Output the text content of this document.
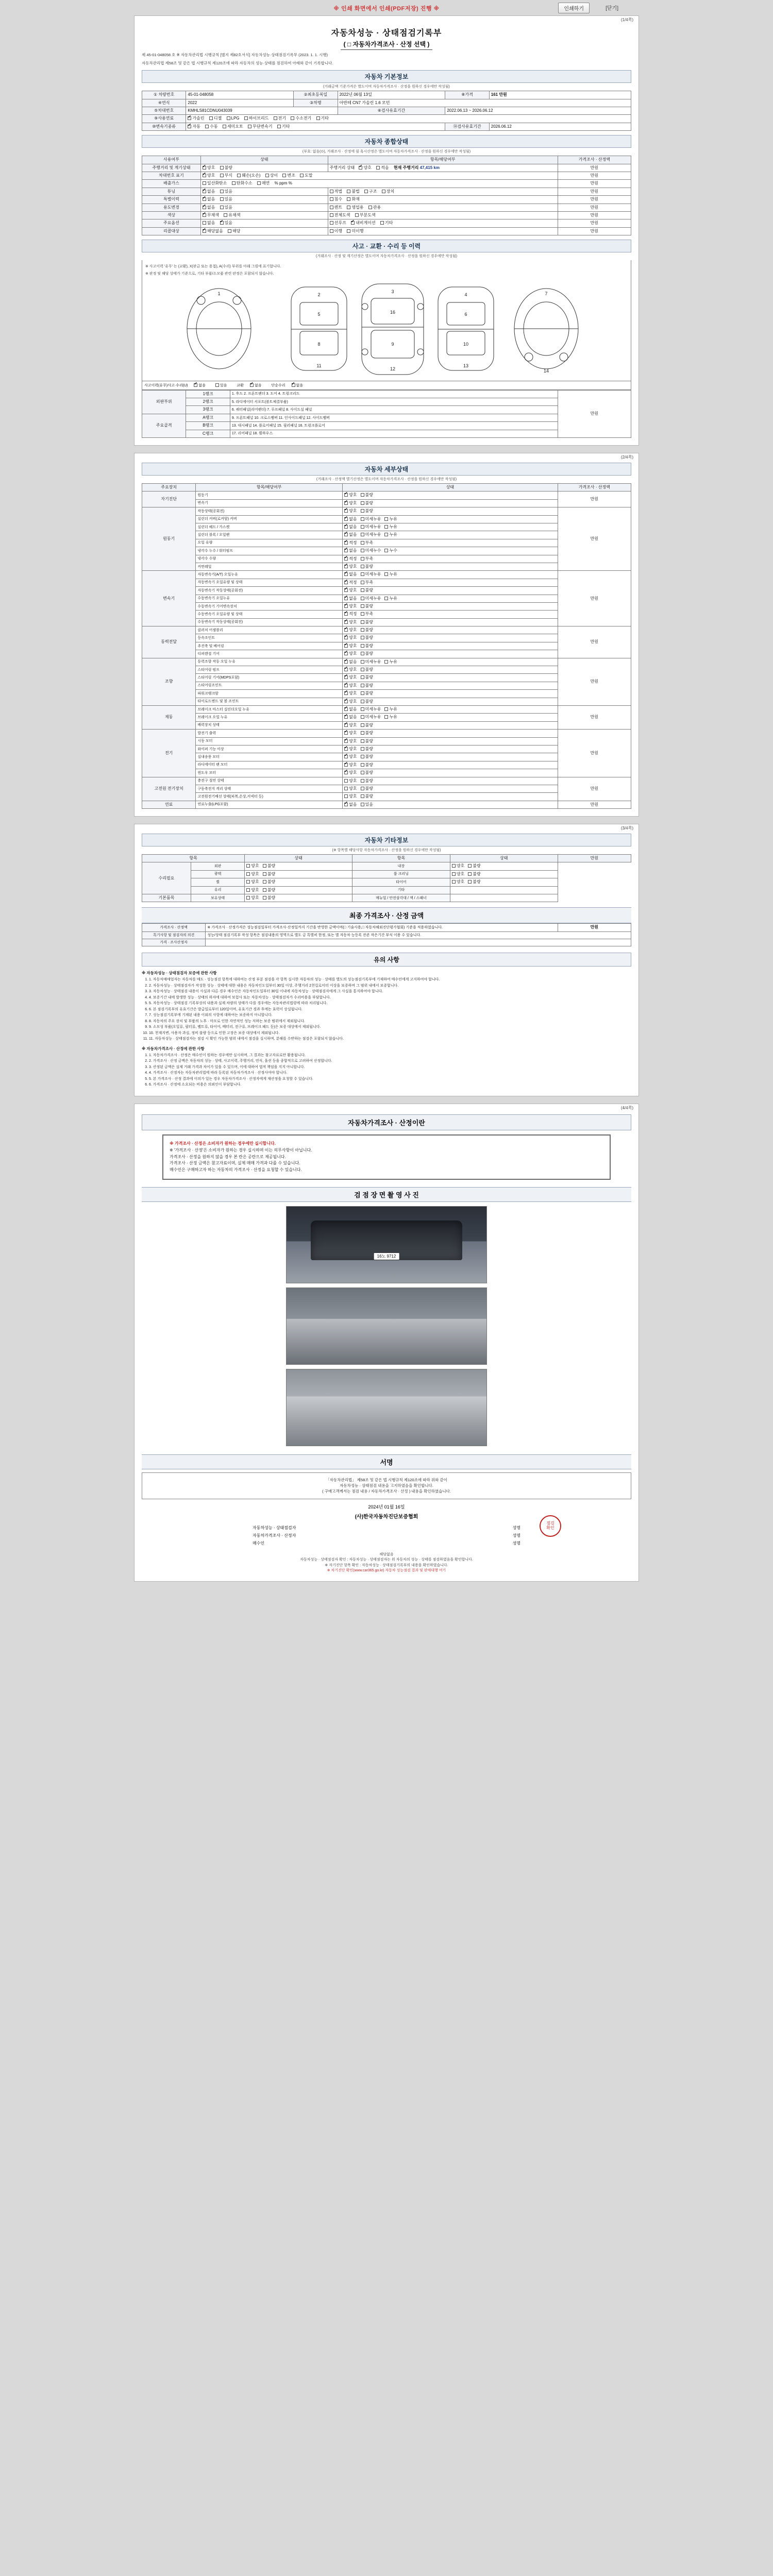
※ 인쇄 화면에서 인쇄(PDF저장) 진행 ※	인쇄하기	[닫기]
(1/4쪽)
자동차성능 · 상태점검기록부
( □ 자동차가격조사 · 산정 선택 )
제 45-01-048058 호 ※ 자동차관리법 시행규칙 [별지 제82호서식] 자동차성능·상태점검기록부 (2023. 1. 1. 시행)
자동차관리법 제58조 및 같은 법 시행규칙 제120조에 따라 자동차의 성능·상태를 점검하여 아래와 같이 기록합니다.
자동차 기본정보
(거래금액 기준가격은 별도이며 자동차가격조사 · 산정을 원하신 경우에만 작성됨)
① 차량번호	45-01-048058	②최초등록일	2022년 06월 13일	⑧가격	161 만원
④연식	2022	③차명	아반떼 CN7 가솔린 1.6 모던		
⑤차대번호	KMHLS81CDNU043039		⑥검사유효기간	2022.06.13 ~ 2026.06.12	
⑨사용연료	✔가솔린 디젤 LPG 하이브리드 전기 수소전기 기타
⑩변속기종류	✔자동 수동 세미오토 무단변속기 기타			⑭검사유효기간	2026.06.12
자동차 종합상태
(부호: 없음(⊙), 거래조사 · 산정에 필 혹시산정은 별도이며 자동차가격조사 · 산정을 원하신 경우에만 작성됨)
사용여부	상태	항목/해당여부	가격조사 · 산정액
주행거리 및 계기상태	✔양호 불량	주행거리 상태 ✔ 양호 적음 현재 주행거리 47,415 km	만원
차대번호 표기	✔양호 부식 훼손(오손) 상이 변조 도말		만원
배출가스	일산화탄소 탄화수소 매연 % ppm %		만원
튜닝	✔없음 있음	적법 불법 구조 장치	만원
특별이력	✔없음 있음	침수 화재	만원
용도변경	✔없음 있음	렌트 영업용 관용	만원
색상	✔무채색 유채색	전체도색 부분도색	만원
주요옵션	없음 ✔ 있음	선루프 ✔ 내비게이션 기타	만원
리콜대상	✔해당없음 해당	이행 미이행	만원
사고 · 교환 · 수리 등 이력
(거래조사 · 산정 및 계기산정은 별도이며 자동차가격조사 · 산정을 원하신 경우에만 작성됨)
※ 사고이력 '유무' 는 (교환), X(판금 또는 용접), A(수리) 부위를 아래 그림에 표기합니다.
※ 판정 및 해당 상태가 기준으로, 기타 부품/소모품 관련 판정은 포함되지 않습니다.
1	2
5
8
11
3
16
9
12
4
6
10
13
7
14
사고이력(유무)사고·수리(U) ✔	없음	있음	교환 ✔	없음	단순수리 ✔	없음
외판부위	1랭크	1. 후드 2. 프론트팬더 3. 도어 4. 트렁크리드	만원
	2랭크	5. 라디에이터 서포트(볼트체결부품)	
	3랭크	6. 쿼터패널(리어팬더) 7. 루프패널 8. 사이드실 패널	
주요골격	A랭크	9. 프론트패널 10. 크로스멤버 11. 인사이드패널 12. 사이드멤버	
	B랭크	13. 대시패널 14. 플로어패널 15. 필러패널 16. 트렁크플로어	
	C랭크	17. 리어패널 18. 휠하우스	
(2/4쪽)
자동차 세부상태
(거래조사 · 산정액 별기산정은 별도이며 자동차가격조사 · 산정을 원하신 경우에만 작성됨)
주요장치	항목/해당여부	상태	가격조사 · 산정액
자기진단	원동기	✔양호 불량	만원
	변속기	✔양호 불량
원동기	작동상태(공회전)	✔양호 불량	만원
	실린더 커버(로커암) 커버	✔없음 미세누유 누유
	실린더 헤드 / 가스켓	✔없음 미세누유 누유
	실린더 블록 / 오일팬	✔없음 미세누유 누유
	오일 유량	✔적정 부족
	냉각수 누수 / 워터펌프	✔없음 미세누수 누수
	냉각수 수량	✔적정 부족
	커먼레일	✔양호 불량
변속기	자동변속기(A/T) 오일누유	✔없음 미세누유 누유	만원
	자동변속기 오일유량 및 상태	✔적정 부족
	자동변속기 작동상태(공회전)	✔양호 불량
	수동변속기 오일누유	✔없음 미세누유 누유
	수동변속기 기어변속장치	✔양호 불량
	수동변속기 오일유량 및 상태	✔적정 부족
	수동변속기 작동상태(공회전)	✔양호 불량
동력전달	클러치 어셈블리	✔양호 불량	만원
	등속조인트	✔양호 불량
	추진축 및 베어링	✔양호 불량
	디퍼렌셜 기어	✔양호 불량
조향	동력조향 작동 오일 누유	✔없음 미세누유 누유	만원
	스티어링 펌프	✔양호 불량
	스티어링 기어(MDPS포함)	✔양호 불량
	스티어링조인트	✔양호 불량
	파워크랭크암	✔양호 불량
	타이로드엔드 및 볼 조인트	✔양호 불량
제동	브레이크 마스터 실린더오일 누유	✔없음 미세누유 누유	만원
	브레이크 오일 누유	✔없음 미세누유 누유
	배력장치 상태	✔양호 불량
전기	발전기 출력	✔양호 불량	만원
	시동 모터	✔양호 불량
	와이퍼 기능 이상	✔양호 불량
	실내송풍 모터	✔양호 불량
	라디에이터 팬 모터	✔양호 불량
	윈도우 모터	✔양호 불량
고전원 전기장치	충전구 절연 상태	양호 불량	만원
	구동축전지 격리 상태	양호 불량	
	고전원전기배선 상태(피복,손상,커넥터 등)	양호 불량	
연료	연료누출(LPG포함)	✔없음 있음	만원
(3/4쪽)
자동차 기타정보
(※ 항목별 해당사항 자동차가격조사 · 산정을 원하신 경우에만 작성됨)
항목		상태	항목	상태	만원
수리필요	외판	양호 불량	내장	양호 불량	
	광택	양호 불량	룸 크리닝	양호 불량	
	휠	양호 불량	타이어	양호 불량	
	유리	양호 불량	기타		
기본품목	보유상태	양호 불량	매뉴얼 / 안전삼각대 / 잭 / 스패너		
최종 가격조사 · 산정 금액
가격조사 · 산정액	※ 가격조사 · 산정가격은 성능점검일부터 가격조사·산정일까지 기간을 반영한 금액이며(□ 기술사용,□ 자동차해외진단평가협회) 기준을 적용하였습니다.	만원
특기사항 및 점검자의 의견	성능/상태 점검기록부 작성 항목은 점검내용의 영역으로 별도 금 특별히 한정, 또는 별 자동차 능등록 잔존 작은기간 부식 이용 수 있습니다.	
가격 · 조사산정자		
유의 사항
※ 자동차성능 · 상태점검자 보증에 관한 사항
1. 1. 자동차매매업자는 자동차를 매도 · 성능점검 항목에 대하여는 산정 부분 점검을 각 항목 실시한 자동차의 성능 · 상태를 별도의 성능점검기록부에 기재하여 매수인에게 고지하여야 합니다.
2. 2. 자동차성능 · 상태점검자가 작성한 성능 · 상태에 대한 내용은 자동차인도일부터 30일 이상, 주행거리 2천킬로미터 이상을 보증하며 그 범위 내에서 보증합니다.
3. 3. 자동차성능 · 상태점검 내용이 사실과 다른 경우 매수인은 자동차인도일부터 30일 이내에 자동차성능 · 상태점검자에게 그 사실을 통지하여야 합니다.
4. 4. 보증기간 내에 발생한 성능 · 상태의 하자에 대하여 보험사 또는 자동차성능 · 상태점검자가 수리비용을 부담합니다.
5. 5. 자동차성능 · 상태점검 기록부상의 내용과 실제 차량의 상태가 다를 경우에는 자동차관리법령에 따라 처리됩니다.
6. 6. 본 점검기록부의 유효기간은 발급일로부터 120일이며, 유효기간 경과 후에는 효력이 상실됩니다.
7. 7. 성능점검기록부에 기재된 내용 이외의 사항에 대하여는 보증하지 아니합니다.
8. 8. 자동차의 주요 장치 및 부품의 노후 · 마모로 인한 자연적인 성능 저하는 보증 범위에서 제외됩니다.
9. 9. 소모성 부품(오일류, 필터류, 벨트류, 타이어, 배터리, 전구류, 브레이크 패드 등)은 보증 대상에서 제외됩니다.
10. 10. 천재지변, 사용자 과실, 정비 불량 등으로 인한 고장은 보증 대상에서 제외됩니다.
11. 11. 자동차성능 · 상태점검자는 점검 시 확인 가능한 범위 내에서 점검을 실시하며, 분해를 수반하는 점검은 포함되지 않습니다.
※ 자동차가격조사 · 산정에 관한 사항
1. 1. 자동차가격조사 · 산정은 매수인이 원하는 경우에만 실시하며, 그 결과는 참고자료로만 활용됩니다.
2. 2. 가격조사 · 산정 금액은 자동차의 성능 · 상태, 사고이력, 주행거리, 연식, 옵션 등을 종합적으로 고려하여 산정합니다.
3. 3. 산정된 금액은 실제 거래 가격과 차이가 있을 수 있으며, 이에 대하여 법적 책임을 지지 아니합니다.
4. 4. 가격조사 · 산정자는 자동차관리법에 따라 등록된 자동차가격조사 · 산정사여야 합니다.
5. 5. 본 가격조사 · 산정 결과에 이의가 있는 경우 자동차가격조사 · 산정자에게 재산정을 요청할 수 있습니다.
6. 6. 가격조사 · 산정에 소요되는 비용은 의뢰인이 부담합니다.
(4/4쪽)
자동차가격조사 · 산정이란
※ 가격조사 · 산정은 소비자가 원하는 경우에만 실시합니다.
※ '가격조사 · 산정'은 소비자가 원하는 경우 실시하며 이는 의무사항이 아닙니다.
가격조사 · 산정을 원하지 않을 경우 본 란은 공란으로 제공됩니다.
가격조사 · 산정 금액은 참고자료이며, 실제 매매 가격과 다를 수 있습니다.
매수인은 구매하고자 하는 자동차의 가격조사 · 산정을 요청할 수 있습니다.
검 점 장 면 촬 영 사 진
16노 9712
서명
「자동차관리법」 제58조 및 같은 법 시행규칙 제120조에 따라 위와 같이
자동차성능 · 상태점검 내용을 고지하였음을 확인합니다.
( 구매고객께서는 점검 내용 / 자동차가격조사 · 산정 ) 내용을 확인하였습니다.
2024년 01월 16일
(사)한국자동차진단보증협회
자동차성능 · 상태점검자	성명
자동차가격조사 · 산정자	성명
매수인	성명
점검
확인
해당없음
자동차성능 · 상태점검자 확인 : 자동차성능 · 상태점검자는 위 자동차의 성능 · 상태를 점검하였음을 확인합니다.
※ 자기진단 항목 확인 : 자동차성능 · 상태점검기록부의 내용을 확인하였습니다.
※ 차기진단 확인(www.car365.go.kr) 자동차 성능점검 결과 및 판매대행 여기
